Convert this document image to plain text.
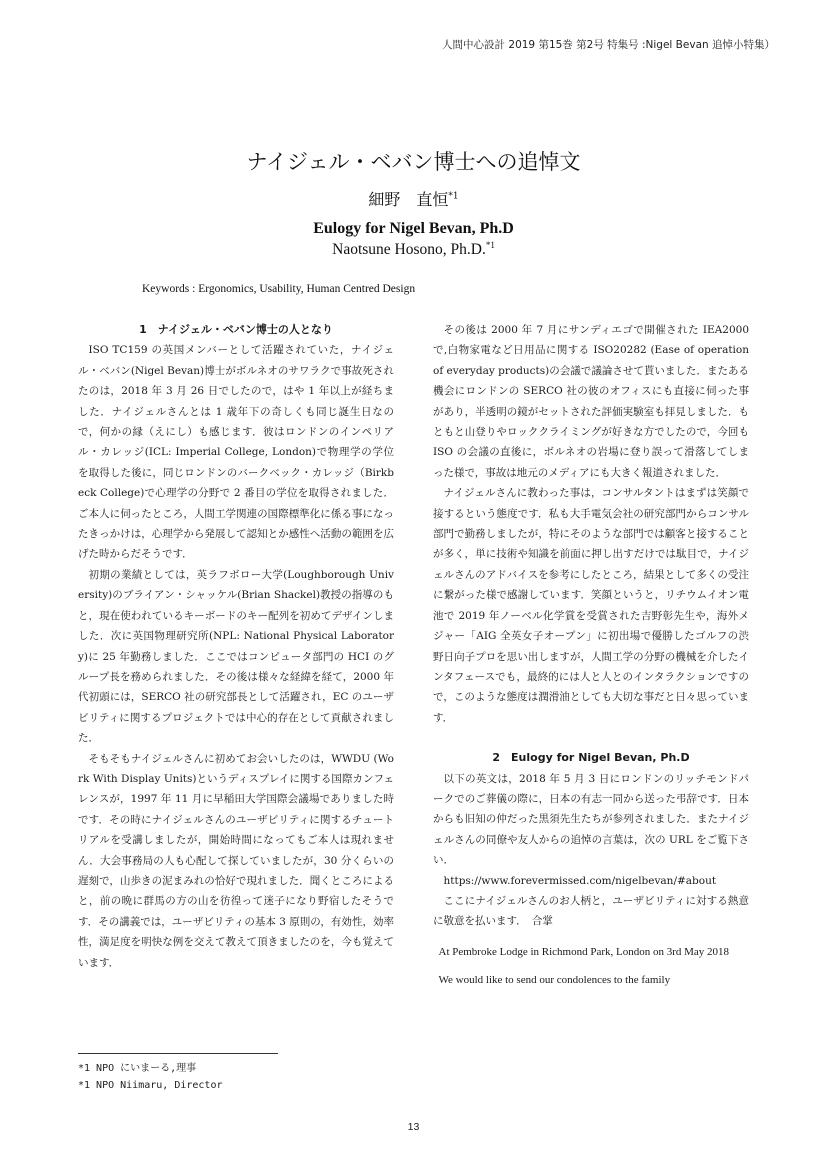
人間中心設計 2019 第15巻 第2号 特集号 :Nigel Bevan 追悼小特集）
ナイジェル・ベバン博士への追悼文
細野　直恒$^{*1}$
Eulogy for Nigel Bevan, Ph.D
Naotsune Hosono, Ph.D.$^{*1}$
Keywords : Ergonomics, Usability, Human Centred Design
1　ナイジェル・ベバン博士の人となり

ISO TC159 の英国メンバーとして活躍されていた，ナイジェル・ベバン(Nigel Bevan)博士がボルネオのサワラクで事故死されたのは，2018 年 3 月 26 日でしたので，はや 1 年以上が経ちました．ナイジェルさんとは 1 歳年下の奇しくも同じ誕生日なので，何かの縁（えにし）も感じます．彼はロンドンのインペリアル・カレッジ(ICL: Imperial College, London)で物理学の学位を取得した後に，同じロンドンのバークベック・カレッジ（Birkbeck College)で心理学の分野で 2 番目の学位を取得されました．ご本人に伺ったところ，人間工学関連の国際標準化に係る事になったきっかけは，心理学から発展して認知とか感性へ活動の範囲を広げた時からだそうです．

初期の業績としては，英ラフボロー大学(Loughborough University)のブライアン・シャッケル(Brian Shackel)教授の指導のもと，現在使われているキーボードのキー配列を初めてデザインしました．次に英国物理研究所(NPL: National Physical Laboratory)に 25 年勤務しました．ここではコンピュータ部門の HCI のグループ長を務められました．その後は様々な経緯を経て，2000 年代初頭には，SERCO 社の研究部長として活躍され，EC のユーザビリティに関するプロジェクトでは中心的存在として貢献されました．

そもそもナイジェルさんに初めてお会いしたのは，WWDU (Work With Display Units)というディスプレイに関する国際カンフェレンスが，1997 年 11 月に早稲田大学国際会議場でありました時です．その時にナイジェルさんのユーザビリティに関するチュートリアルを受講しましたが，開始時間になってもご本人は現れません．大会事務局の人も心配して探していましたが，30 分くらいの遅刻で，山歩きの泥まみれの恰好で現れました．聞くところによると，前の晩に群馬の方の山を彷徨って迷子になり野宿したそうです．その講義では，ユーザビリティの基本 3 原則の，有効性，効率性，満足度を明快な例を交えて教えて頂きましたのを，今も覚えています．

その後は 2000 年 7 月にサンディエゴで開催された IEA2000で,白物家電など日用品に関する ISO20282 (Ease of operation of everyday products)の会議で議論させて貰いました．またある機会にロンドンの SERCO 社の彼のオフィスにも直接に伺った事があり，半透明の鏡がセットされた評価実験室も拝見しました．もともと山登りやロッククライミングが好きな方でしたので，今回も ISO の会議の直後に，ボルネオの岩場に登り誤って滑落してしまった様で，事故は地元のメディアにも大きく報道されました．

ナイジェルさんに教わった事は，コンサルタントはまずは笑顔で接するという態度です．私も大手電気会社の研究部門からコンサル部門で勤務しましたが，特にそのような部門では顧客と接することが多く，単に技術や知識を前面に押し出すだけでは駄目で，ナイジェルさんのアドバイスを参考にしたところ，結果として多くの受注に繋がった様で感謝しています．笑顔というと，リチウムイオン電池で 2019 年ノーベル化学賞を受賞された吉野彰先生や，海外メジャー「AIG 全英女子オープン」に初出場で優勝したゴルフの渋野日向子プロを思い出しますが，人間工学の分野の機械を介したインタフェースでも，最終的には人と人とのインタラクションですので，このような態度は潤滑油としても大切な事だと日々思っています．

2　Eulogy for Nigel Bevan, Ph.D

以下の英文は，2018 年 5 月 3 日にロンドンのリッチモンドパークでのご葬儀の際に，日本の有志一同から送った弔辞です．日本からも旧知の仲だった黒須先生たちが参列されました．またナイジェルさんの同僚や友人からの追悼の言葉は，次の URL をご覧下さい．

https://www.forevermissed.com/nigelbevan/#about

ここにナイジェルさんのお人柄と，ユーザビリティに対する熱意に敬意を払います．　合掌

At Pembroke Lodge in Richmond Park, London on 3rd May 2018

We would like to send our condolences to the family

*1 NPO にいまーる,理事
*1 NPO Niimaru, Director
13
